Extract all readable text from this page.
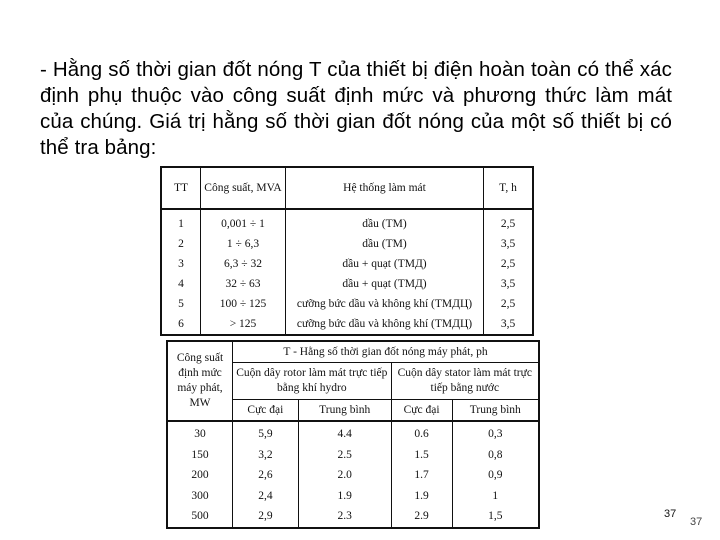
- Hằng số thời gian đốt nóng T của thiết bị điện hoàn toàn có thể xác định phụ thuộc vào công suất định mức và phương thức làm mát của chúng. Giá trị hằng số thời gian đốt nóng của một số thiết bị có thể tra bảng:

TT	Công suất, MVA	Hệ thống làm mát	T, h
1	0,001 ÷ 1	dầu (TM)	2,5
2	1 ÷ 6,3	dầu (TM)	3,5
3	6,3 ÷ 32	dầu + quạt (TMД)	2,5
4	32 ÷ 63	dầu + quạt (TMД)	3,5
5	100 ÷ 125	cưỡng bức dầu và không khí (TMДЦ)	2,5
6	> 125	cưỡng bức dầu và không khí (TMДЦ)	3,5
Công suất định mức máy phát, MW	T - Hằng số thời gian đốt nóng máy phát, ph			
	Cuộn dây rotor làm mát trực tiếp bằng khí hydro		Cuộn dây stator làm mát trực tiếp bằng nước	
	Cực đại	Trung bình	Cực đại	Trung bình
30	5,9	4.4	0.6	0,3
150	3,2	2.5	1.5	0,8
200	2,6	2.0	1.7	0,9
300	2,4	1.9	1.9	1
500	2,9	2.3	2.9	1,5	37
37
